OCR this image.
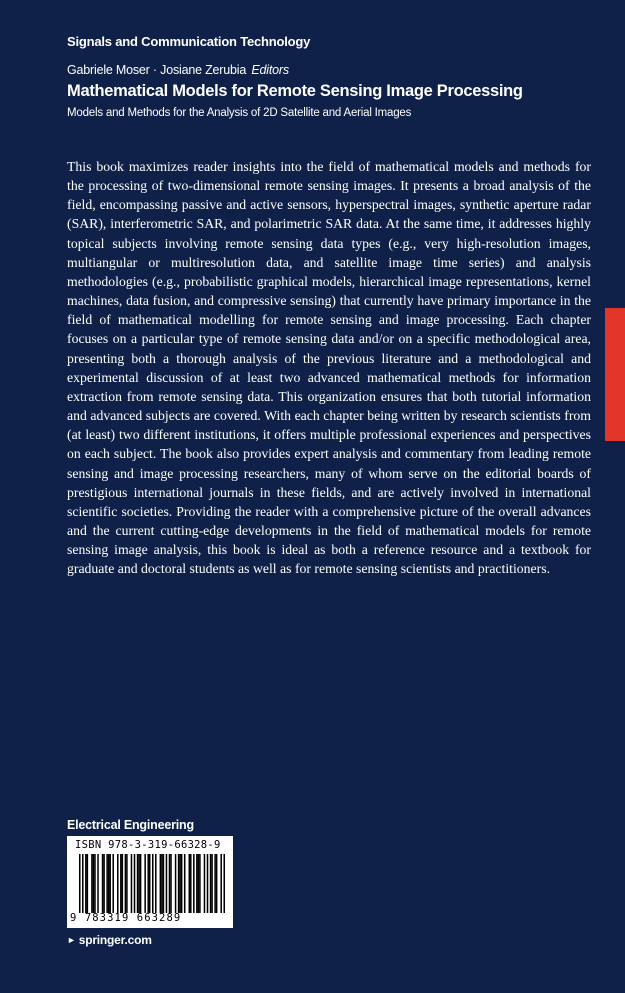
Signals and Communication Technology
Gabriele Moser · Josiane Zerubia Editors
Mathematical Models for Remote Sensing Image Processing
Models and Methods for the Analysis of 2D Satellite and Aerial Images

This book maximizes reader insights into the field of mathematical models and methods for the processing of two-dimensional remote sensing images. It presents a broad analysis of the field, encompassing passive and active sensors, hyperspectral images, synthetic aperture radar (SAR), interferometric SAR, and polarimetric SAR data. At the same time, it addresses highly topical subjects involving remote sensing data types (e.g., very high-resolution images, multiangular or multiresolution data, and satellite image time series) and analysis methodologies (e.g., probabilistic graphical models, hierarchical image representations, kernel machines, data fusion, and compressive sensing) that currently have primary importance in the field of mathematical modelling for remote sensing and image processing. Each chapter focuses on a particular type of remote sensing data and/or on a specific methodological area, presenting both a thorough analysis of the previous literature and a methodological and experimental discussion of at least two advanced mathematical methods for information extraction from remote sensing data. This organization ensures that both tutorial information and advanced subjects are covered. With each chapter being written by research scientists from (at least) two different institutions, it offers multiple professional experiences and perspectives on each subject. The book also provides expert analysis and commentary from leading remote sensing and image processing researchers, many of whom serve on the editorial boards of prestigious international journals in these fields, and are actively involved in international scientific societies. Providing the reader with a comprehensive picture of the overall advances and the current cutting-edge developments in the field of mathematical models for remote sensing image analysis, this book is ideal as both a reference resource and a textbook for graduate and doctoral students as well as for remote sensing scientists and practitioners.

Electrical Engineering
ISBN 978-3-319-66328-9
9 783319 663289
► springer.com
